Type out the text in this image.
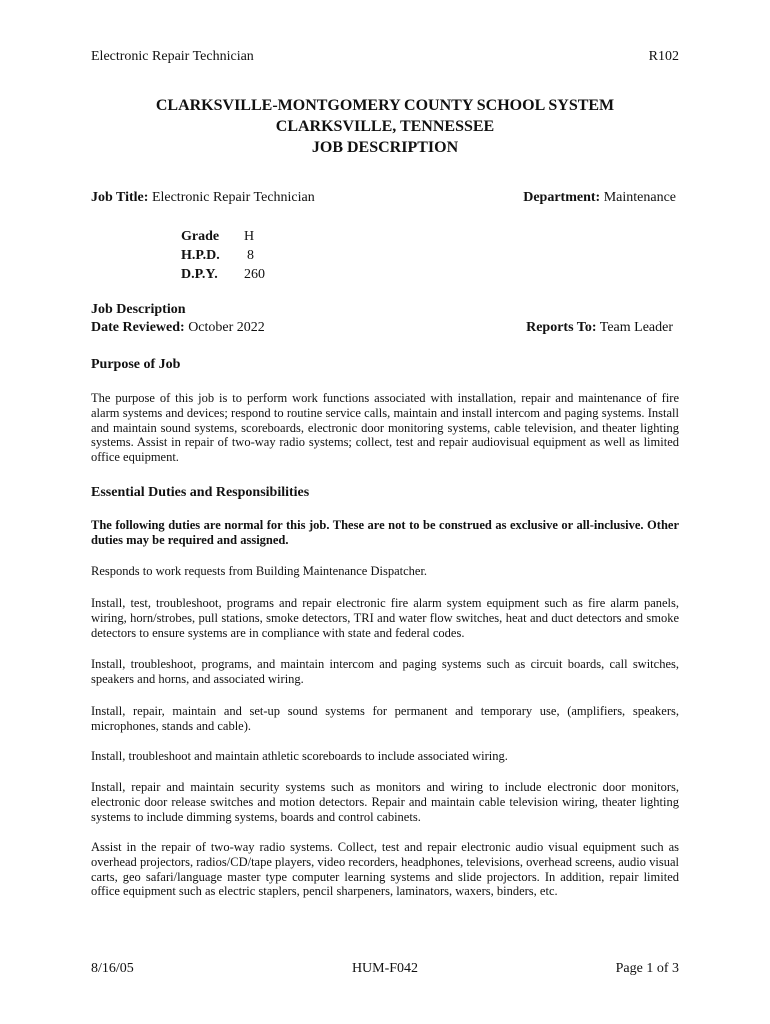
Electronic Repair Technician	R102
CLARKSVILLE-MONTGOMERY COUNTY SCHOOL SYSTEM
CLARKSVILLE, TENNESSEE
JOB DESCRIPTION
Job Title: Electronic Repair Technician	Department: Maintenance
Grade	H
H.P.D.	8
D.P.Y.	260
Job Description
Date Reviewed: October 2022	Reports To: Team Leader
Purpose of Job

The purpose of this job is to perform work functions associated with installation, repair and maintenance of fire alarm systems and devices; respond to routine service calls, maintain and install intercom and paging systems. Install and maintain sound systems, scoreboards, electronic door monitoring systems, cable television, and theater lighting systems. Assist in repair of two-way radio systems; collect, test and repair audiovisual equipment as well as limited office equipment.

Essential Duties and Responsibilities

The following duties are normal for this job. These are not to be construed as exclusive or all-inclusive. Other duties may be required and assigned.

Responds to work requests from Building Maintenance Dispatcher.

Install, test, troubleshoot, programs and repair electronic fire alarm system equipment such as fire alarm panels, wiring, horn/strobes, pull stations, smoke detectors, TRI and water flow switches, heat and duct detectors and smoke detectors to ensure systems are in compliance with state and federal codes.

Install, troubleshoot, programs, and maintain intercom and paging systems such as circuit boards, call switches, speakers and horns, and associated wiring.

Install, repair, maintain and set-up sound systems for permanent and temporary use, (amplifiers, speakers, microphones, stands and cable).

Install, troubleshoot and maintain athletic scoreboards to include associated wiring.

Install, repair and maintain security systems such as monitors and wiring to include electronic door monitors, electronic door release switches and motion detectors. Repair and maintain cable television wiring, theater lighting systems to include dimming systems, boards and control cabinets.

Assist in the repair of two-way radio systems. Collect, test and repair electronic audio visual equipment such as overhead projectors, radios/CD/tape players, video recorders, headphones, televisions, overhead screens, audio visual carts, geo safari/language master type computer learning systems and slide projectors. In addition, repair limited office equipment such as electric staplers, pencil sharpeners, laminators, waxers, binders, etc.

8/16/05	HUM-F042	Page 1 of 3
